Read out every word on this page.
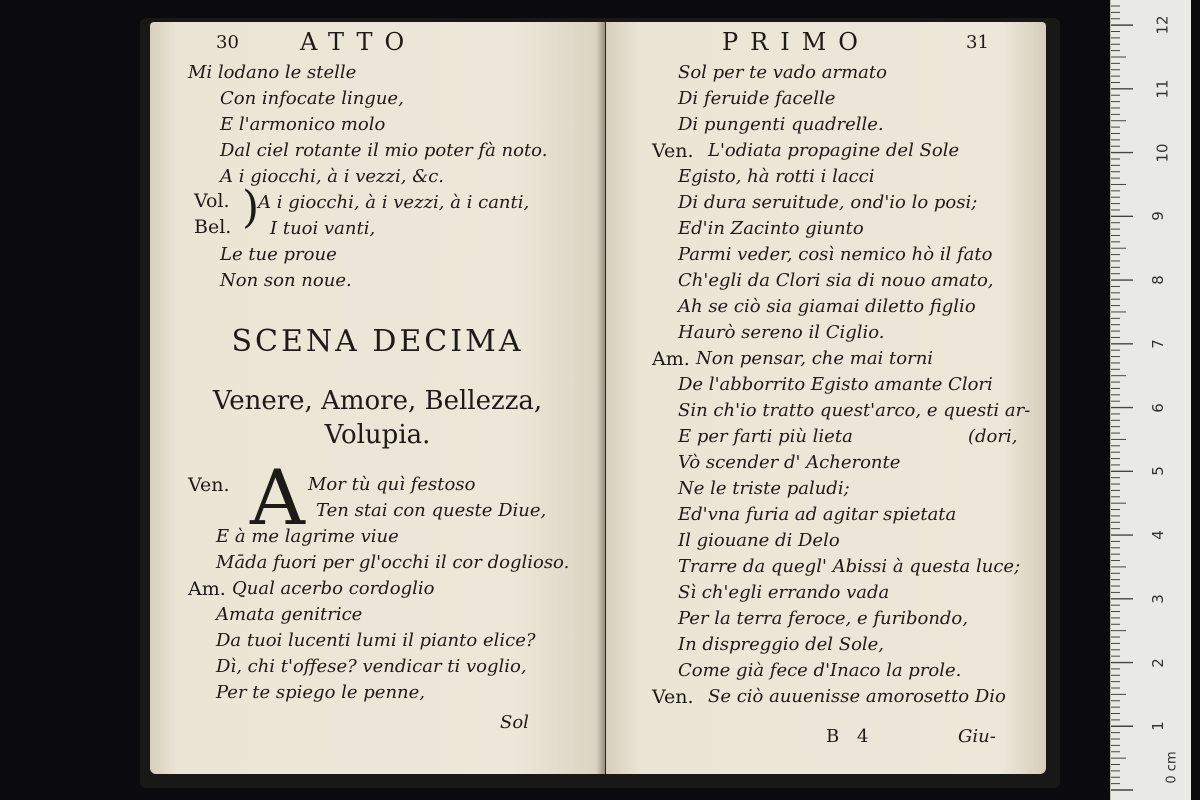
30	ATTO
)
SCENA DECIMA
Venere, Amore, Bellezza,
Volupia.
A
Sol
Mi lodano le stelle
Con infocate lingue,
E l'armonico molo
Dal ciel rotante il mio poter fà noto.
A i giocchi, à i vezzi, &c.
A i giocchi, à i vezzi, à i canti,
I tuoi vanti,
Le tue proue
Non son noue.
Vol.
Bel.
Ven.	Mor tù quì festoso
Ten stai con queste Diue,
E à me lagrime viue
Māda fuori per gl'occhi il cor doglioso.
Am. Qual acerbo cordoglio
Amata genitrice
Da tuoi lucenti lumi il pianto elice?
Dì, chi t'offese? vendicar ti voglio,
Per te spiego le penne,
PRIMO	31
B 4	Giu-
Sol per te vado armato
Di feruide facelle
Di pungenti quadrelle.
Ven. L'odiata propagine del Sole
Egisto, hà rotti i lacci
Di dura seruitude, ond'io lo posi;
Ed'in Zacinto giunto
Parmi veder, così nemico hò il fato
Ch'egli da Clori sia di nouo amato,
Ah se ciò sia giamai diletto figlio
Haurò sereno il Ciglio.
Am. Non pensar, che mai torni
De l'abborrito Egisto amante Clori
Sin ch'io tratto quest'arco, e questi ar-
E per farti più lieta	(dori,
Vò scender d' Acheronte
Ne le triste paludi;
Ed'vna furia ad agitar spietata
Il giouane di Delo
Trarre da quegl' Abissi à questa luce;
Sì ch'egli errando vada
Per la terra feroce, e furibondo,
In dispreggio del Sole,
Come già fece d'Inaco la prole.
Ven. Se ciò auuenisse amorosetto Dio
12
11
10
9
8
7
6
5
4
3
2
1
0 cm
